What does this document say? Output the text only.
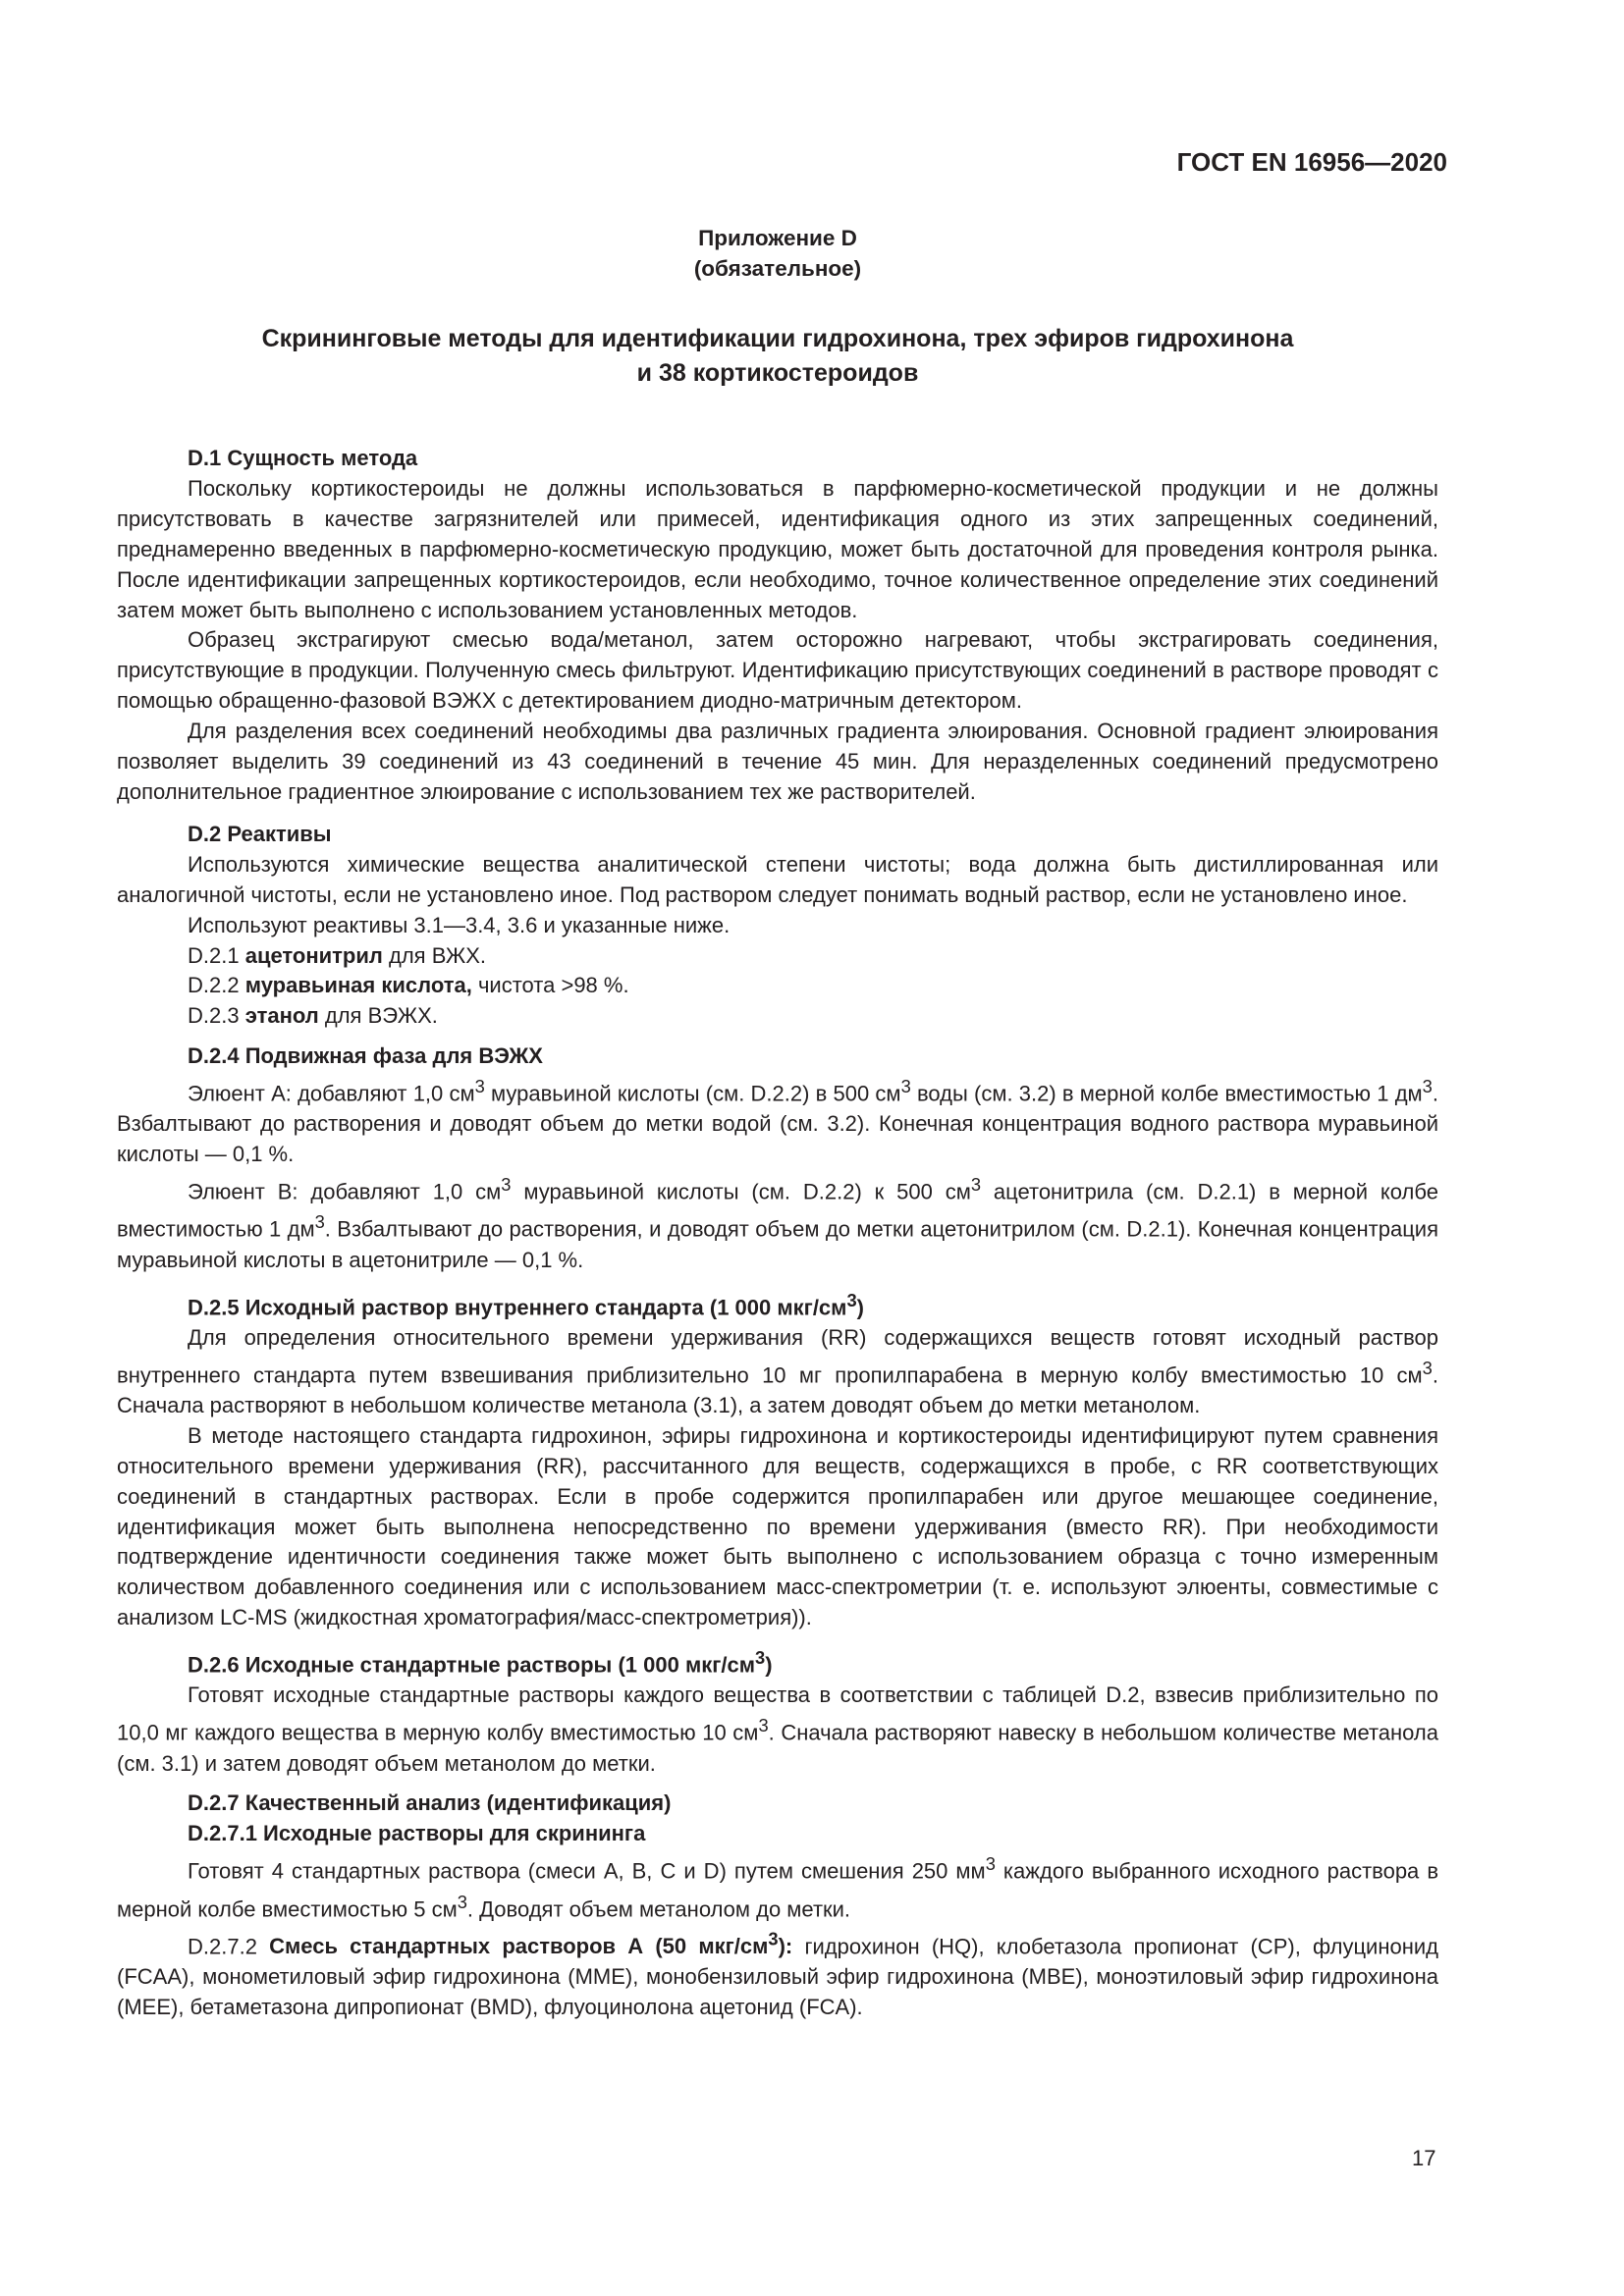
ГОСТ EN 16956—2020
Приложение D
(обязательное)
Скрининговые методы для идентификации гидрохинона, трех эфиров гидрохинона
и 38 кортикостероидов
D.1 Сущность метода

Поскольку кортикостероиды не должны использоваться в парфюмерно-косметической продукции и не должны присутствовать в качестве загрязнителей или примесей, идентификация одного из этих запрещенных соединений, преднамеренно введенных в парфюмерно-косметическую продукцию, может быть достаточной для проведения контроля рынка. После идентификации запрещенных кортикостероидов, если необходимо, точное количественное определение этих соединений затем может быть выполнено с использованием установленных методов.

Образец экстрагируют смесью вода/метанол, затем осторожно нагревают, чтобы экстрагировать соединения, присутствующие в продукции. Полученную смесь фильтруют. Идентификацию присутствующих соединений в растворе проводят с помощью обращенно-фазовой ВЭЖХ с детектированием диодно-матричным детектором.

Для разделения всех соединений необходимы два различных градиента элюирования. Основной градиент элюирования позволяет выделить 39 соединений из 43 соединений в течение 45 мин. Для неразделенных соединений предусмотрено дополнительное градиентное элюирование с использованием тех же растворителей.

D.2 Реактивы

Используются химические вещества аналитической степени чистоты; вода должна быть дистиллированная или аналогичной чистоты, если не установлено иное. Под раствором следует понимать водный раствор, если не установлено иное.

Используют реактивы 3.1—3.4, 3.6 и указанные ниже.
D.2.1 ацетонитрил для ВЖХ.
D.2.2 муравьиная кислота, чистота >98 %.
D.2.3 этанол для ВЭЖХ.
D.2.4 Подвижная фаза для ВЭЖХ

Элюент А: добавляют 1,0 $см^3$ муравьиной кислоты (см. D.2.2) в 500 $см^3$ воды (см. 3.2) в мерной колбе вместимостью 1 $дм^3$. Взбалтывают до растворения и доводят объем до метки водой (см. 3.2). Конечная концентрация водного раствора муравьиной кислоты — 0,1 %.

Элюент В: добавляют 1,0 $см^3$ муравьиной кислоты (см. D.2.2) к 500 $см^3$ ацетонитрила (см. D.2.1) в мерной колбе вместимостью 1 $дм^3$. Взбалтывают до растворения, и доводят объем до метки ацетонитрилом (см. D.2.1). Конечная концентрация муравьиной кислоты в ацетонитриле — 0,1 %.

D.2.5 Исходный раствор внутреннего стандарта (1 000 мкг/$см^3$)

Для определения относительного времени удерживания (RR) содержащихся веществ готовят исходный раствор внутреннего стандарта путем взвешивания приблизительно 10 мг пропилпарабена в мерную колбу вместимостью 10 $см^3$. Сначала растворяют в небольшом количестве метанола (3.1), а затем доводят объем до метки метанолом.

В методе настоящего стандарта гидрохинон, эфиры гидрохинона и кортикостероиды идентифицируют путем сравнения относительного времени удерживания (RR), рассчитанного для веществ, содержащихся в пробе, с RR соответствующих соединений в стандартных растворах. Если в пробе содержится пропилпарабен или другое мешающее соединение, идентификация может быть выполнена непосредственно по времени удерживания (вместо RR). При необходимости подтверждение идентичности соединения также может быть выполнено с использованием образца с точно измеренным количеством добавленного соединения или с использованием масс-спектрометрии (т. е. используют элюенты, совместимые с анализом LC-MS (жидкостная хроматография/масс-спектрометрия)).

D.2.6 Исходные стандартные растворы (1 000 мкг/$см^3$)

Готовят исходные стандартные растворы каждого вещества в соответствии с таблицей D.2, взвесив приблизительно по 10,0 мг каждого вещества в мерную колбу вместимостью 10 $см^3$. Сначала растворяют навеску в небольшом количестве метанола (см. 3.1) и затем доводят объем метанолом до метки.

D.2.7 Качественный анализ (идентификация)
D.2.7.1 Исходные растворы для скрининга

Готовят 4 стандартных раствора (смеси A, B, C и D) путем смешения 250 $мм^3$ каждого выбранного исходного раствора в мерной колбе вместимостью 5 $см^3$. Доводят объем метанолом до метки.

D.2.7.2 Смесь стандартных растворов А (50 мкг/$см^3$): гидрохинон (HQ), клобетазола пропионат (CP), флуцинонид (FCAA), монометиловый эфир гидрохинона (MME), монобензиловый эфир гидрохинона (MBE), моноэтиловый эфир гидрохинона (MEE), бетаметазона дипропионат (BMD), флуоцинолона ацетонид (FCA).

17
